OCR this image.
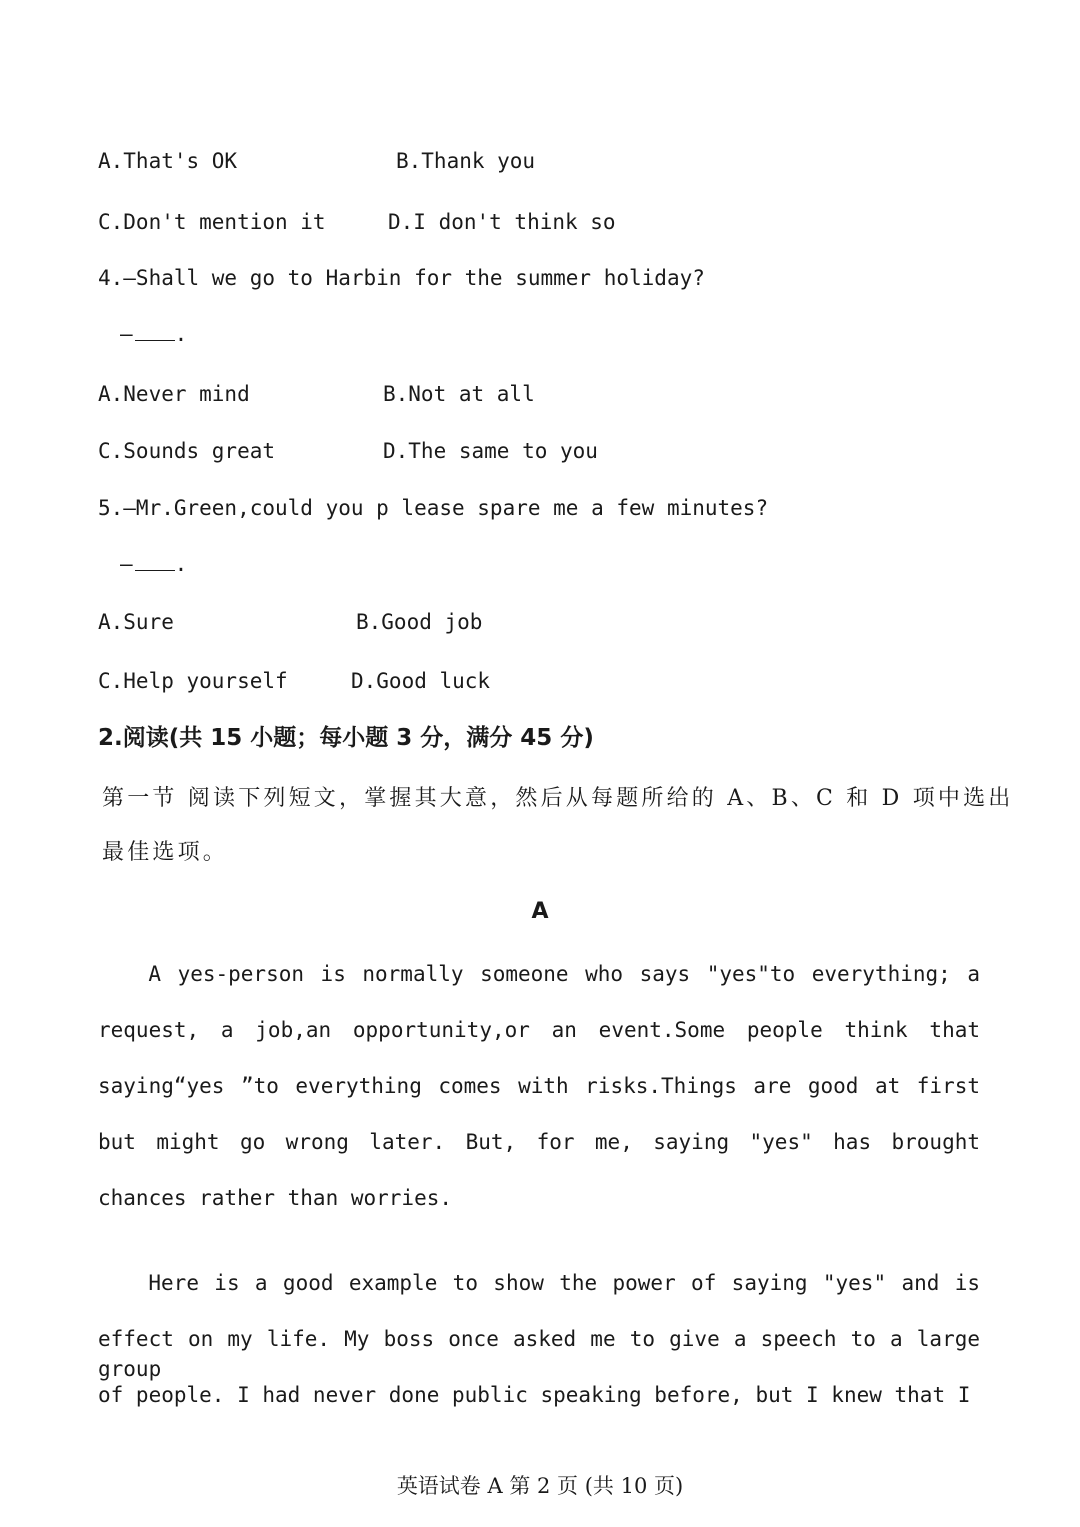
A.That's OK	B.Thank you
C.Don't mention it	D.I don't think so
4.—Shall we go to Harbin for the summer holiday?
— .
A.Never mind	B.Not at all
C.Sounds great	D.The same to you
5.—Mr.Green,could you p lease spare me a few minutes?
— .
A.Sure	B.Good job
C.Help yourself	D.Good luck
2.阅读(共 15 小题；每小题 3 分，满分 45 分)
第一节 阅读下列短文，掌握其大意，然后从每题所给的 A、B、C 和 D 项中选出
最佳选项。
A
A yes-person is normally someone who says "yes"to everything; a
request, a job,an opportunity,or an event.Some people think that
saying“yes ”to everything comes with risks.Things are good at first
but might go wrong later. But, for me, saying "yes" has brought
chances rather than worries.
Here is a good example to show the power of saying "yes" and is
effect on my life. My boss once asked me to give a speech to a large group
of people. I had never done public speaking before, but I knew that I
英语试卷 A 第 2 页 (共 10 页)
